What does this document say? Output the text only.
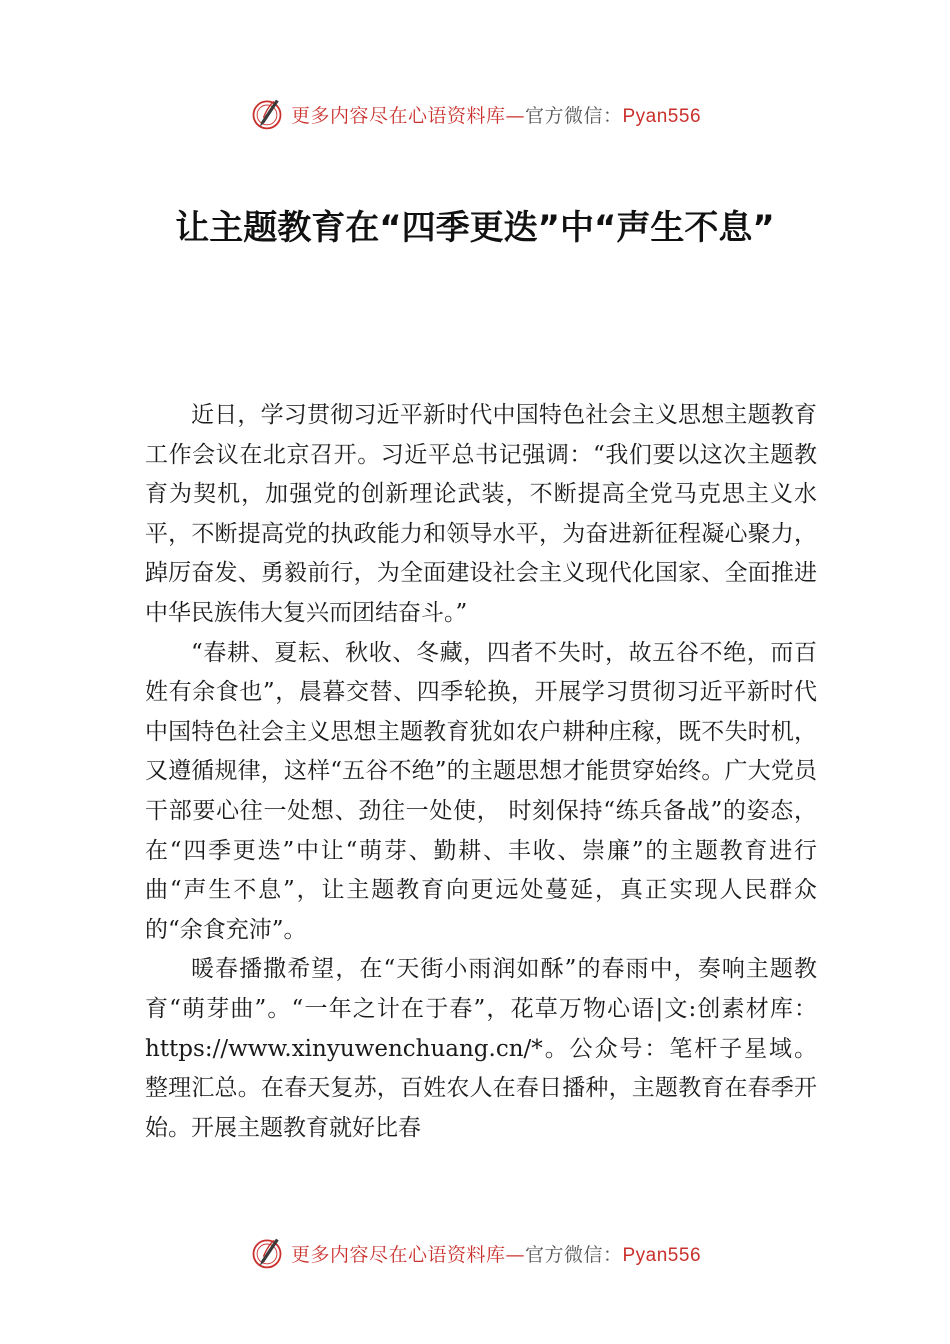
更多内容尽在心语资料库—官方微信：Pyan556
让主题教育在“四季更迭”中“声生不息”

近日，学习贯彻习近平新时代中国特色社会主义思想主题教育工作会议在北京召开。习近平总书记强调：“我们要以这次主题教育为契机，加强党的创新理论武装，不断提高全党马克思主义水平，不断提高党的执政能力和领导水平，为奋进新征程凝心聚力，踔厉奋发、勇毅前行，为全面建设社会主义现代化国家、全面推进中华民族伟大复兴而团结奋斗。”

“春耕、夏耘、秋收、冬藏，四者不失时，故五谷不绝，而百姓有余食也”，晨暮交替、四季轮换，开展学习贯彻习近平新时代中国特色社会主义思想主题教育犹如农户耕种庄稼，既不失时机，又遵循规律，这样“五谷不绝”的主题思想才能贯穿始终。广大党员干部要心往一处想、劲往一处使， 时刻保持“练兵备战”的姿态，在“四季更迭”中让“萌芽、勤耕、丰收、崇廉”的主题教育进行曲“声生不息”，让主题教育向更远处蔓延，真正实现人民群众的“余食充沛”。

暖春播撒希望，在“天街小雨润如酥”的春雨中，奏响主题教育“萌芽曲”。“一年之计在于春”，花草万物心语|文:创素材库：https://www.xinyuwenchuang.cn/*。公众号：笔杆子星域。整理汇总。在春天复苏，百姓农人在春日播种，主题教育在春季开始。开展主题教育就好比春

更多内容尽在心语资料库—官方微信：Pyan556
